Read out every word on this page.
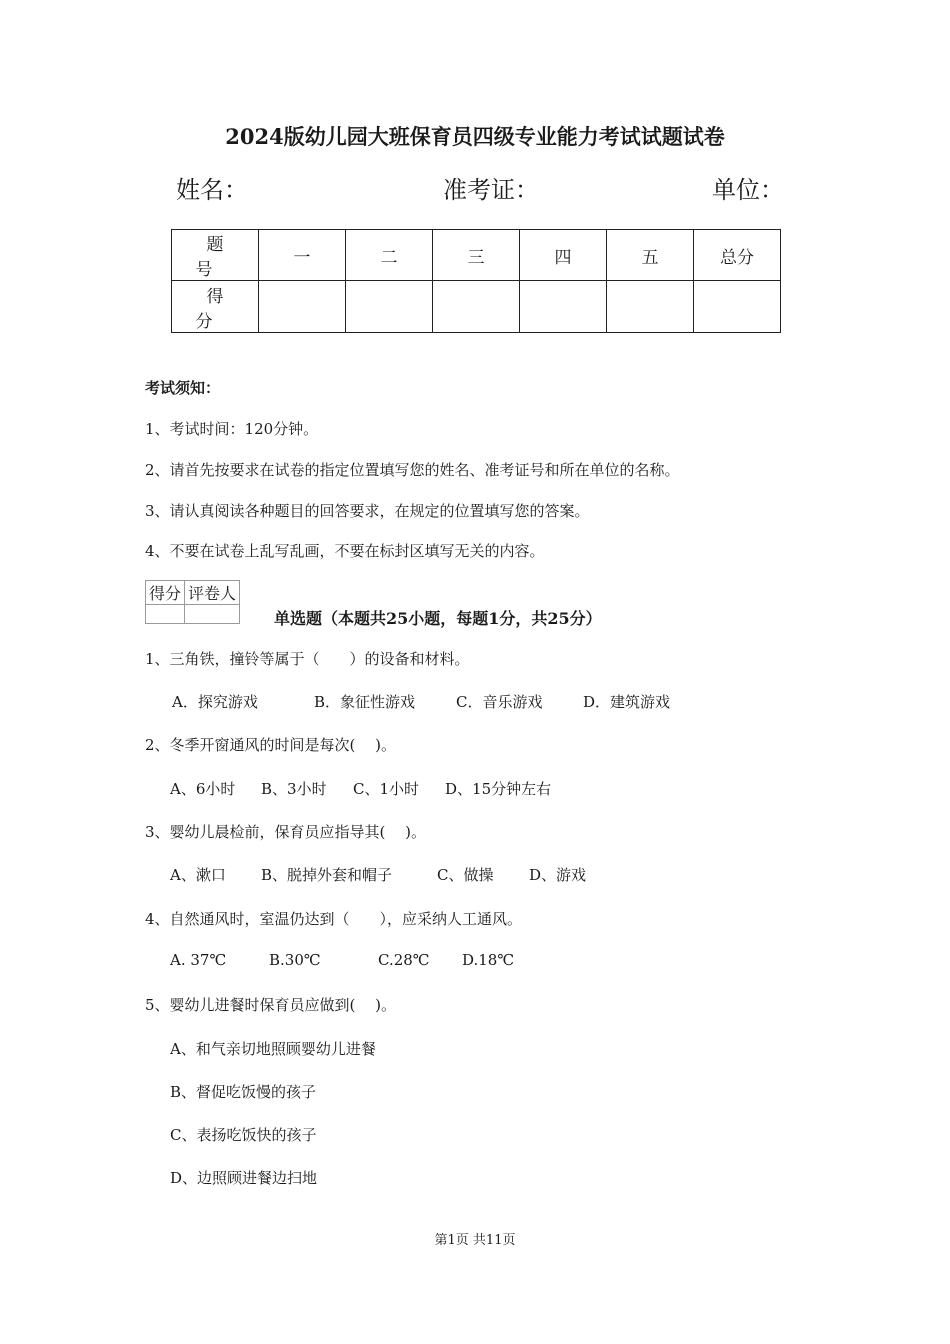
2024版幼儿园大班保育员四级专业能力考试试题试卷
姓名：	准考证：	单位：
题号	一	二	三	四	五	总分
得分						
考试须知：
1、考试时间：120分钟。
2、请首先按要求在试卷的指定位置填写您的姓名、准考证号和所在单位的名称。
3、请认真阅读各种题目的回答要求，在规定的位置填写您的答案。
4、不要在试卷上乱写乱画，不要在标封区填写无关的内容。
得分	评卷人

单选题（本题共25小题，每题1分，共25分）
1、三角铁，撞铃等属于（　　）的设备和材料。
A．探究游戏	B．象征性游戏	C．音乐游戏	D．建筑游戏
2、冬季开窗通风的时间是每次(　 )。
A、6小时 B、3小时 C、1小时 D、15分钟左右
3、婴幼儿晨检前，保育员应指导其(　 )。
A、漱口 B、脱掉外套和帽子	C、做操 D、游戏
4、自然通风时，室温仍达到（　　），应采纳人工通风。
A. 37℃	B.30℃	C.28℃ D.18℃
5、婴幼儿进餐时保育员应做到(　 )。
A、和气亲切地照顾婴幼儿进餐
B、督促吃饭慢的孩子
C、表扬吃饭快的孩子
D、边照顾进餐边扫地
第1页 共11页
